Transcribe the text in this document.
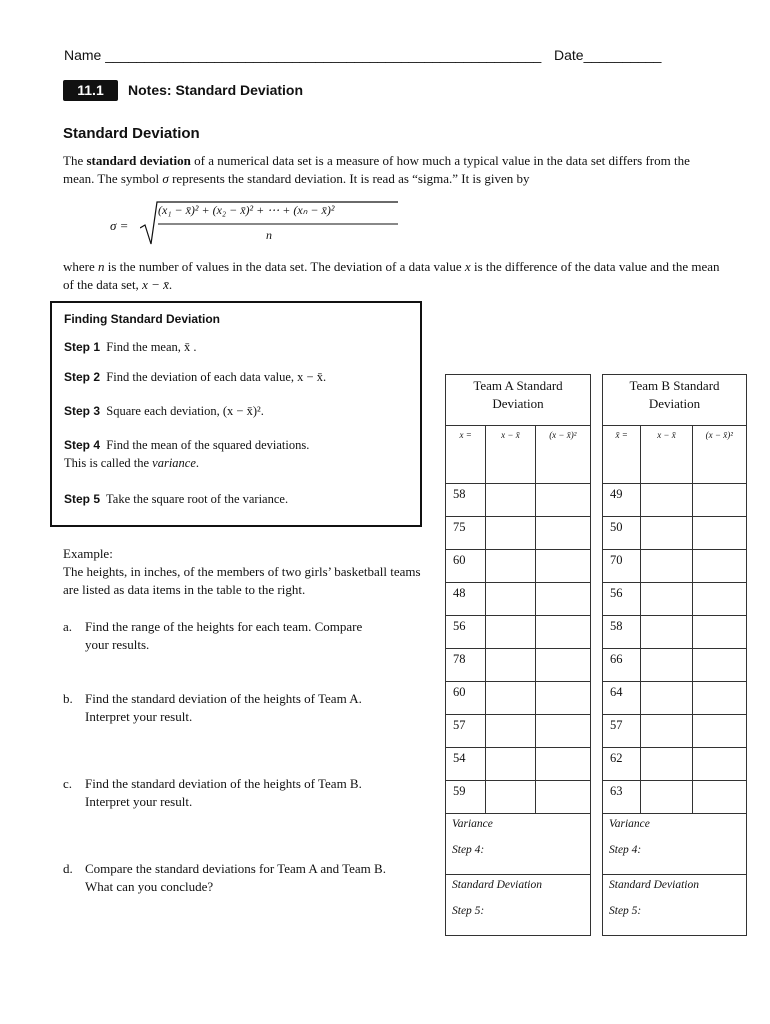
Name ________________________________________________________ Date__________
11.1	Notes: Standard Deviation
Standard Deviation
The standard deviation of a numerical data set is a measure of how much a typical value in the data set differs from the mean. The symbol σ represents the standard deviation. It is read as “sigma.” It is given by
σ =
(x₁ − x̄)² + (x₂ − x̄)² + ⋯ + (xₙ − x̄)²
n
where n is the number of values in the data set. The deviation of a data value x is the difference of the data value and the mean of the data set, x − x̄.
Finding Standard Deviation
Step 1 Find the mean, x̄ .
Step 2 Find the deviation of each data value, x − x̄.
Step 3 Square each deviation, (x − x̄)².
Step 4 Find the mean of the squared deviations.
This is called the variance.
Step 5 Take the square root of the variance.
Example:
The heights, in inches, of the members of two girls’ basketball teams are listed as data items in the table to the right.
a. Find the range of the heights for each team. Compare
your results.
b. Find the standard deviation of the heights of Team A.
Interpret your result.
c. Find the standard deviation of the heights of Team B.
Interpret your result.
d. Compare the standard deviations for Team A and Team B.
What can you conclude?
Team A Standard
Deviation		

x =	x − x̄	(x − x̄)²

58		
75		
60		
48		
56		
78		
60		
57		
54		
59		

Variance
Step 4:		

Standard Deviation
Step 5:		
Team B Standard
Deviation		

x̄ =	x − x̄	(x − x̄)²

49		
50		
70		
56		
58		
66		
64		
57		
62		
63		

Variance
Step 4:		

Standard Deviation
Step 5:		
